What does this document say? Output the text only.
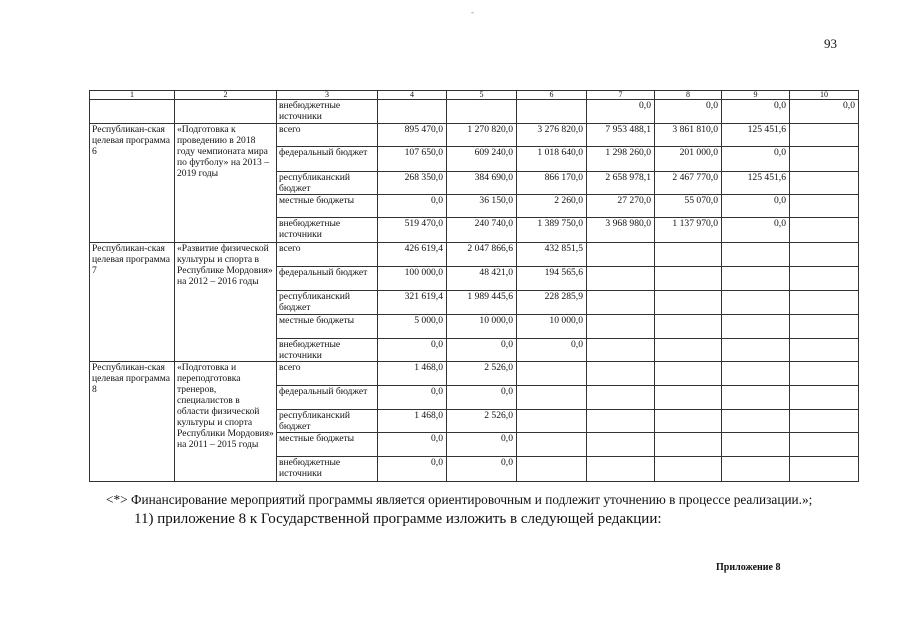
-
93
1	2	3	4	5	6	7	8	9	10
		внебюджетные источники				0,0	0,0	0,0	0,0
Республикан-ская целевая программа 6	«Подготовка к проведению в 2018 году чемпионата мира по футболу» на 2013 – 2019 годы	всего	895 470,0	1 270 820,0	3 276 820,0	7 953 488,1	3 861 810,0	125 451,6	
		федеральный бюджет	107 650,0	609 240,0	1 018 640,0	1 298 260,0	201 000,0	0,0	
		республиканский бюджет	268 350,0	384 690,0	866 170,0	2 658 978,1	2 467 770,0	125 451,6	
		местные бюджеты	0,0	36 150,0	2 260,0	27 270,0	55 070,0	0,0	
		внебюджетные источники	519 470,0	240 740,0	1 389 750,0	3 968 980,0	1 137 970,0	0,0	
Республикан-ская целевая программа 7	«Развитие физической культуры и спорта в Республике Мордовия» на 2012 – 2016 годы	всего	426 619,4	2 047 866,6	432 851,5				
		федеральный бюджет	100 000,0	48 421,0	194 565,6				
		республиканский бюджет	321 619,4	1 989 445,6	228 285,9				
		местные бюджеты	5 000,0	10 000,0	10 000,0				
		внебюджетные источники	0,0	0,0	0,0				
Республикан-ская целевая программа 8	«Подготовка и переподготовка тренеров, специалистов в области физической культуры и спорта Республики Мордовия» на 2011 – 2015 годы	всего	1 468,0	2 526,0					
		федеральный бюджет	0,0	0,0					
		республиканский бюджет	1 468,0	2 526,0					
		местные бюджеты	0,0	0,0					
		внебюджетные источники	0,0	0,0					
<*> Финансирование мероприятий программы является ориентировочным и подлежит уточнению в процессе реализации.»;
11) приложение 8 к Государственной программе изложить в следующей редакции:
Приложение 8
